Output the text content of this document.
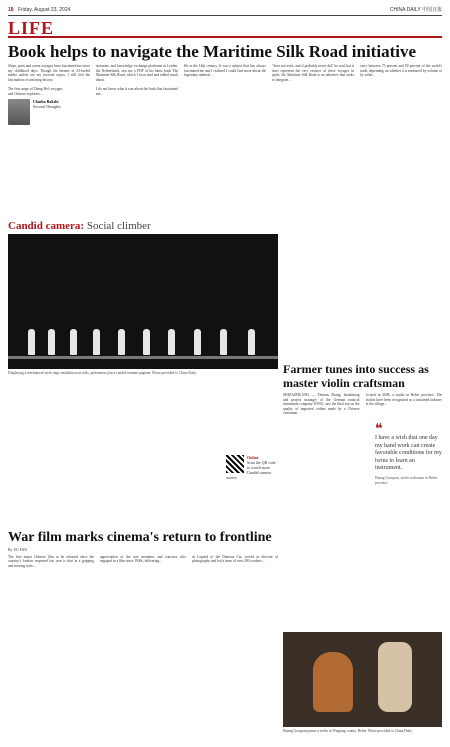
18 Friday, August 23, 2024	CHINA DAILY 中国日报
LIFE
Book helps to navigate the Maritime Silk Road initiative
Ships, ports and ocean voyages have fascinated me since my childhood days. Though the themes in AI-fueled media outlets are my favorite topics, I still feel the fascination of seafaring history.

The first maps of Zheng He's voyages
and Chinese explorers...
Ulanhu Bakshi
Second Thoughts
sionaries, and knowledge exchange platforms in Leiden, the Netherlands, saw me a PDF of his latest book The Maritime Silk Road, which I soon read and talked much about.

I do not know what it was about the book that fascinated me...
He at the 14th century. It was a subject that has always fascinated me and I realized I could find more about the legendary admiral...
"does not exist, and if probably never did" he said, but it does represent the very essence of these voyages in spirit, the Maritime Silk Road is an initiative that seeks to integrate...
carry between 75 percent and 90 percent of the world's trade, depending on whether it is measured by volume or by value...
Candid camera: Social climber
Displaying a mechanical-style stage installation on stilts, performers join a candid summer pageant. Photo provided to China Daily
Online
Scan the QR code to watch more Candid camera stories.
Farmer tunes into success as master violin craftsman
SHIJIAZHUANG — Thomas Zhang, headstrong and project manager of the German musical instrument company SONG, saw the final say on the quality of imported violins made by a Chinese craftsman...
located in 2008, a studio in Hebei province. The violins have been recognized as a sustained industry in the village...
❝
I have a wish that one day my hand work can create favorable conditions for my twins to learn an instrument.
Huang Guoquan, violin craftsman in Hebei province
War film marks cinema's return to frontline
By XU FAN
The first major Chinese film to be released since the country's frontier reopened last year is shot in a gripping and moving style...
appreciation of the rare members and warriors who engaged in a film since 1940s, delivering...
as Legend of the Demons Cat, served as director of photography and led a team of over 200 workers...
Huang Guoquan paints a violin in Wuqiang county, Hebei. Photo provided to China Daily
